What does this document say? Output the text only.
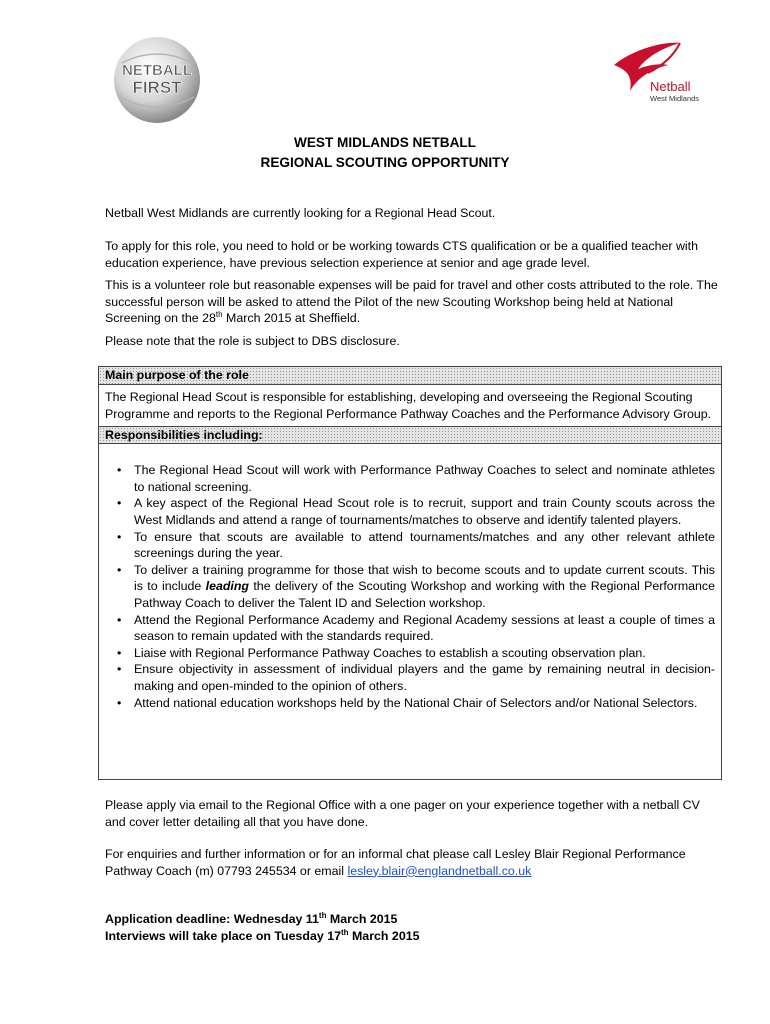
NETBALL
FIRST	Netball
West Midlands
WEST MIDLANDS NETBALL
REGIONAL SCOUTING OPPORTUNITY
Netball West Midlands are currently looking for a Regional Head Scout.
To apply for this role, you need to hold or be working towards CTS qualification or be a qualified teacher with education experience, have previous selection experience at senior and age grade level.
This is a volunteer role but reasonable expenses will be paid for travel and other costs attributed to the role. The successful person will be asked to attend the Pilot of the new Scouting Workshop being held at National Screening on the 28th March 2015 at Sheffield.
Please note that the role is subject to DBS disclosure.
Main purpose of the role
The Regional Head Scout is responsible for establishing, developing and overseeing the Regional Scouting Programme and reports to the Regional Performance Pathway Coaches and the Performance Advisory Group.
Responsibilities including:
• The Regional Head Scout will work with Performance Pathway Coaches to select and nominate athletes to national screening.
• A key aspect of the Regional Head Scout role is to recruit, support and train County scouts across the West Midlands and attend a range of tournaments/matches to observe and identify talented players.
• To ensure that scouts are available to attend tournaments/matches and any other relevant athlete screenings during the year.
• To deliver a training programme for those that wish to become scouts and to update current scouts. This is to include leading the delivery of the Scouting Workshop and working with the Regional Performance Pathway Coach to deliver the Talent ID and Selection workshop.
• Attend the Regional Performance Academy and Regional Academy sessions at least a couple of times a season to remain updated with the standards required.
• Liaise with Regional Performance Pathway Coaches to establish a scouting observation plan.
• Ensure objectivity in assessment of individual players and the game by remaining neutral in decision-making and open-minded to the opinion of others.
• Attend national education workshops held by the National Chair of Selectors and/or National Selectors.
Please apply via email to the Regional Office with a one pager on your experience together with a netball CV and cover letter detailing all that you have done.
For enquiries and further information or for an informal chat please call Lesley Blair Regional Performance Pathway Coach (m) 07793 245534 or email lesley.blair@englandnetball.co.uk
Application deadline: Wednesday 11th March 2015
Interviews will take place on Tuesday 17th March 2015
